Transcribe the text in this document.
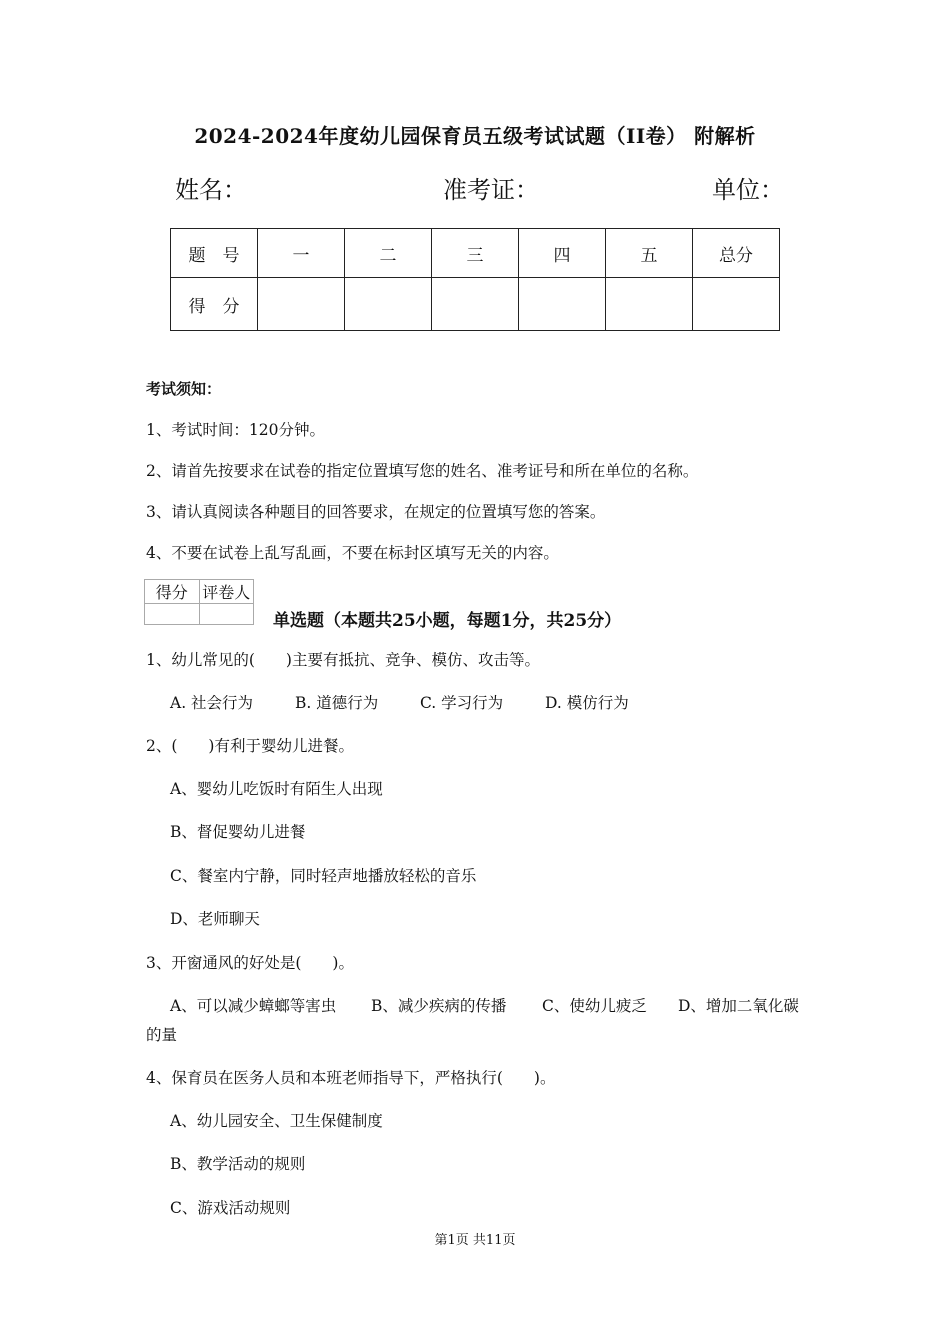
2024-2024年度幼儿园保育员五级考试试题（II卷） 附解析
姓名：	准考证：	单位：
题　号	一	二	三	四	五	总分
得　分						
考试须知：
1、考试时间：120分钟。
2、请首先按要求在试卷的指定位置填写您的姓名、准考证号和所在单位的名称。
3、请认真阅读各种题目的回答要求，在规定的位置填写您的答案。
4、不要在试卷上乱写乱画，不要在标封区填写无关的内容。
得分	评卷人

单选题（本题共25小题，每题1分，共25分）
1、幼儿常见的(　　)主要有抵抗、竞争、模仿、攻击等。
A. 社会行为	B. 道德行为	C. 学习行为	D. 模仿行为
2、(　　)有利于婴幼儿进餐。
A、婴幼儿吃饭时有陌生人出现
B、督促婴幼儿进餐
C、餐室内宁静，同时轻声地播放轻松的音乐
D、老师聊天
3、开窗通风的好处是(　　)。
A、可以减少蟑螂等害虫 B、减少疾病的传播 C、使幼儿疲乏 D、增加二氧化碳
的量
4、保育员在医务人员和本班老师指导下，严格执行(　　)。
A、幼儿园安全、卫生保健制度
B、教学活动的规则
C、游戏活动规则
第1页 共11页
